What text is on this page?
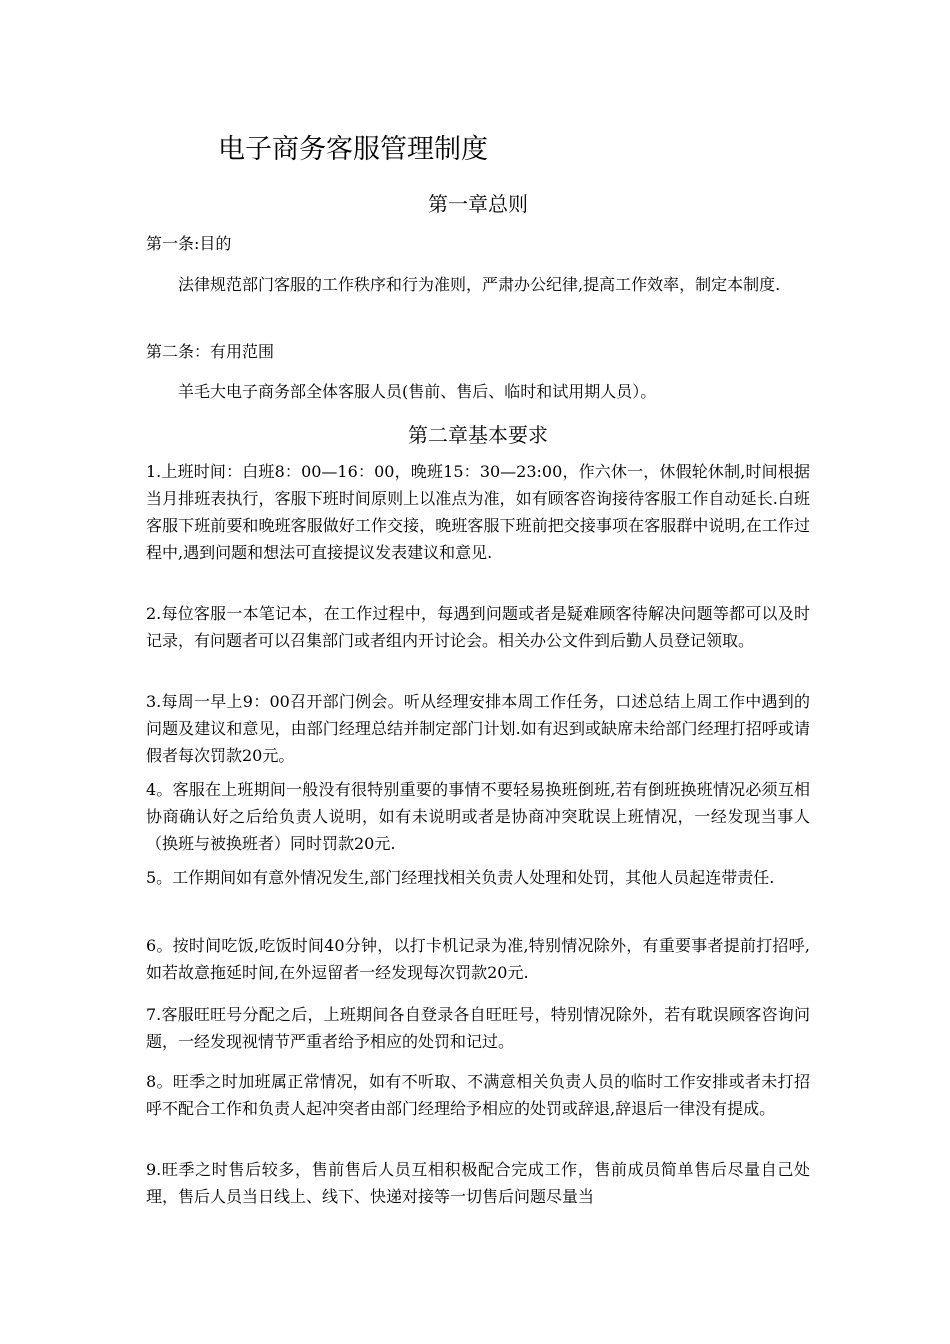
电子商务客服管理制度
第一章总则

第一条:目的

法律规范部门客服的工作秩序和行为准则，严肃办公纪律,提高工作效率，制定本制度.

第二条：有用范围

羊毛大电子商务部全体客服人员(售前、售后、临时和试用期人员）。

第二章基本要求

1.上班时间：白班8：00—16：00，晚班15：30—23:00，作六休一，休假轮休制,时间根据当月排班表执行，客服下班时间原则上以准点为准，如有顾客咨询接待客服工作自动延长.白班客服下班前要和晚班客服做好工作交接，晚班客服下班前把交接事项在客服群中说明,在工作过程中,遇到问题和想法可直接提议发表建议和意见.

2.每位客服一本笔记本，在工作过程中，每遇到问题或者是疑难顾客待解决问题等都可以及时记录，有问题者可以召集部门或者组内开讨论会。相关办公文件到后勤人员登记领取。

3.每周一早上9：00召开部门例会。听从经理安排本周工作任务，口述总结上周工作中遇到的问题及建议和意见，由部门经理总结并制定部门计划.如有迟到或缺席未给部门经理打招呼或请假者每次罚款20元。

4。客服在上班期间一般没有很特别重要的事情不要轻易换班倒班,若有倒班换班情况必须互相协商确认好之后给负责人说明，如有未说明或者是协商冲突耽误上班情况，一经发现当事人（换班与被换班者）同时罚款20元.

5。工作期间如有意外情况发生,部门经理找相关负责人处理和处罚，其他人员起连带责任.

6。按时间吃饭,吃饭时间40分钟，以打卡机记录为准,特别情况除外，有重要事者提前打招呼,如若故意拖延时间,在外逗留者一经发现每次罚款20元.

7.客服旺旺号分配之后，上班期间各自登录各自旺旺号，特别情况除外，若有耽误顾客咨询问题，一经发现视情节严重者给予相应的处罚和记过。

8。旺季之时加班属正常情况，如有不听取、不满意相关负责人员的临时工作安排或者未打招呼不配合工作和负责人起冲突者由部门经理给予相应的处罚或辞退,辞退后一律没有提成。

9.旺季之时售后较多，售前售后人员互相积极配合完成工作，售前成员简单售后尽量自己处理，售后人员当日线上、线下、快递对接等一切售后问题尽量当
